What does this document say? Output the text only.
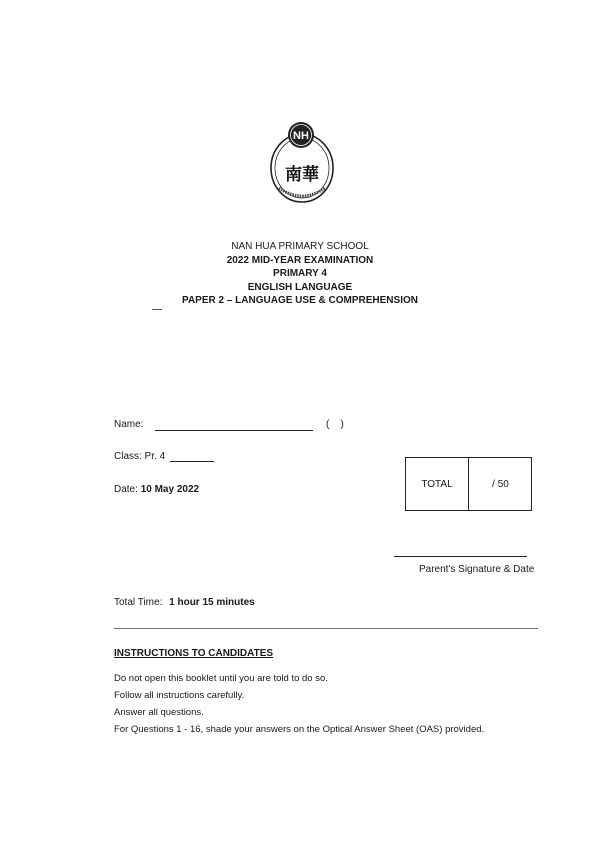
NH
南華
NAN HUA PRIMARY SCHOOL
2022 MID-YEAR EXAMINATION
PRIMARY 4
ENGLISH LANGUAGE
PAPER 2 – LANGUAGE USE & COMPREHENSION
Name:	(    )
Class: Pr. 4
Date: 10 May 2022	TOTAL	/ 50
Parent's Signature & Date
Total Time: 1 hour 15 minutes
INSTRUCTIONS TO CANDIDATES
Do not open this booklet until you are told to do so.
Follow all instructions carefully.
Answer all questions.
For Questions 1 - 16, shade your answers on the Optical Answer Sheet (OAS) provided.
